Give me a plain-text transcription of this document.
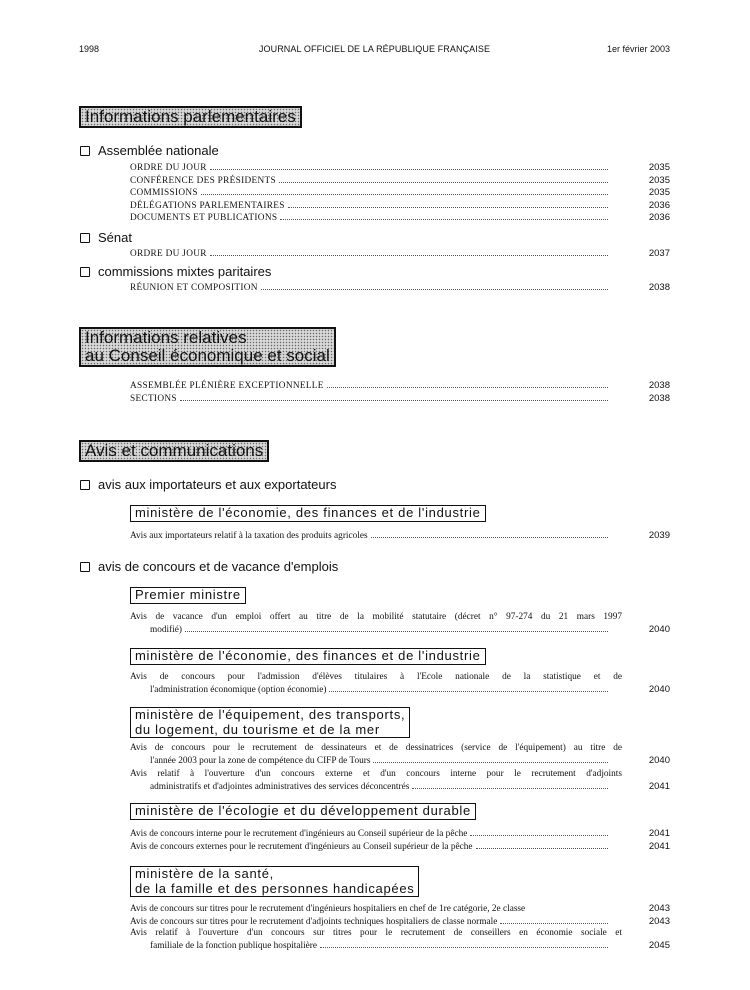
1998	JOURNAL OFFICIEL DE LA RÉPUBLIQUE FRANÇAISE	1er février 2003
Informations parlementaires
Assemblée nationale
ORDRE DU JOUR	2035
CONFÉRENCE DES PRÉSIDENTS	2035
COMMISSIONS	2035
DÉLÉGATIONS PARLEMENTAIRES	2036
DOCUMENTS ET PUBLICATIONS	2036
Sénat
ORDRE DU JOUR	2037
commissions mixtes paritaires
RÉUNION ET COMPOSITION	2038
Informations relatives
au Conseil économique et social
ASSEMBLÉE PLÉNIÈRE EXCEPTIONNELLE	2038
SECTIONS	2038
Avis et communications
avis aux importateurs et aux exportateurs
ministère de l'économie, des finances et de l'industrie
Avis aux importateurs relatif à la taxation des produits agricoles	2039
avis de concours et de vacance d'emplois
Premier ministre
Avis de vacance d'un emploi offert au titre de la mobilité statutaire (décret n° 97-274 du 21 mars 1997
modifié)	2040
ministère de l'économie, des finances et de l'industrie
Avis de concours pour l'admission d'élèves titulaires à l'Ecole nationale de la statistique et de
l'administration économique (option économie)	2040
ministère de l'équipement, des transports,
du logement, du tourisme et de la mer
Avis de concours pour le recrutement de dessinateurs et de dessinatrices (service de l'équipement) au titre de
l'année 2003 pour la zone de compétence du CIFP de Tours	2040
Avis relatif à l'ouverture d'un concours externe et d'un concours interne pour le recrutement d'adjoints
administratifs et d'adjointes administratives des services déconcentrés	2041
ministère de l'écologie et du développement durable
Avis de concours interne pour le recrutement d'ingénieurs au Conseil supérieur de la pêche	2041
Avis de concours externes pour le recrutement d'ingénieurs au Conseil supérieur de la pêche	2041
ministère de la santé,
de la famille et des personnes handicapées
Avis de concours sur titres pour le recrutement d'ingénieurs hospitaliers en chef de 1re catégorie, 2e classe	2043
Avis de concours sur titres pour le recrutement d'adjoints techniques hospitaliers de classe normale	2043
Avis relatif à l'ouverture d'un concours sur titres pour le recrutement de conseillers en économie sociale et
familiale de la fonction publique hospitalière	2045
